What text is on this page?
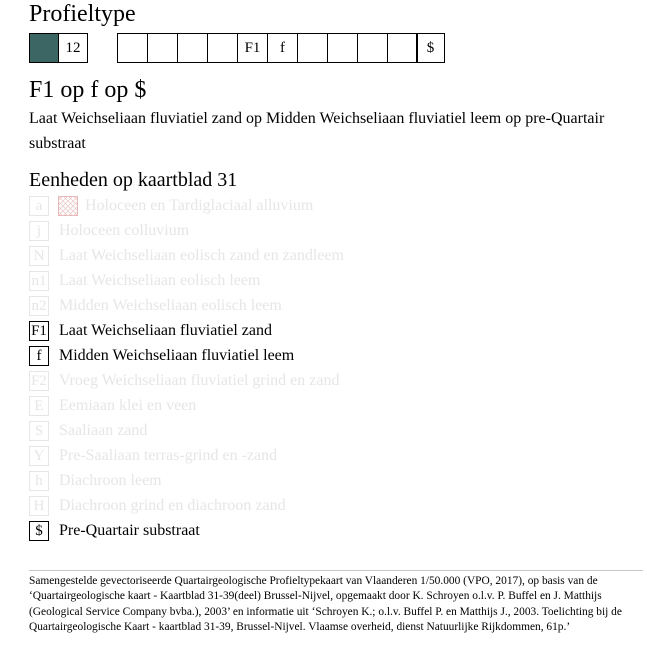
Profieltype
12	F1	f	$
F1 op f op $

Laat Weichseliaan fluviatiel zand op Midden Weichseliaan fluviatiel leem op pre-Quartair substraat

Eenheden op kaartblad 31
a	Holoceen en Tardiglaciaal alluvium
j	Holoceen colluvium
N Laat Weichseliaan eolisch zand en zandleem
n1 Laat Weichseliaan eolisch leem
n2 Midden Weichseliaan eolisch leem
F1 Laat Weichseliaan fluviatiel zand
f	Midden Weichseliaan fluviatiel leem
F2 Vroeg Weichseliaan fluviatiel grind en zand
E Eemiaan klei en veen
S Saaliaan zand
Y Pre-Saaliaan terras-grind en -zand
h	Diachroon leem
H Diachroon grind en diachroon zand
$	Pre-Quartair substraat

Samengestelde gevectoriseerde Quartairgeologische Profieltypekaart van Vlaanderen 1/50.000 (VPO, 2017), op basis van de ‘Quartairgeologische kaart - Kaartblad 31-39(deel) Brussel-Nijvel, opgemaakt door K. Schroyen o.l.v. P. Buffel en J. Matthijs (Geological Service Company bvba.), 2003’ en informatie uit ‘Schroyen K.; o.l.v. Buffel P. en Matthijs J., 2003. Toelichting bij de Quartairgeologische Kaart - kaartblad 31-39, Brussel-Nijvel. Vlaamse overheid, dienst Natuurlijke Rijkdommen, 61p.’
